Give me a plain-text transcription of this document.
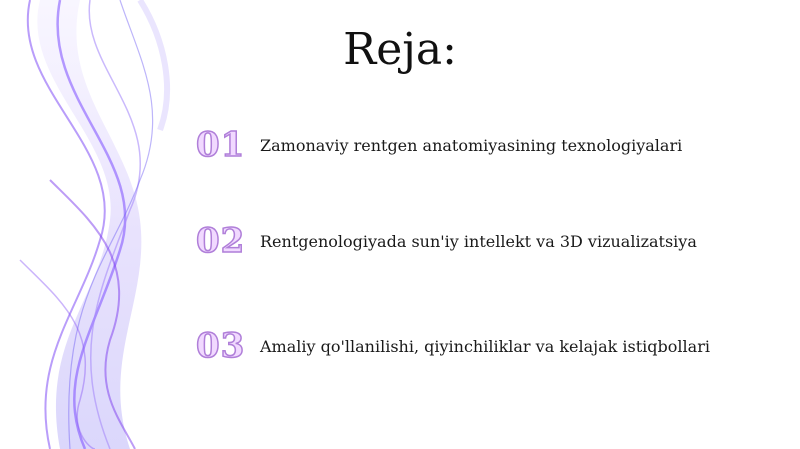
Reja:
01 Zamonaviy rentgen anatomiyasining texnologiyalari
02 Rentgenologiyada sun'iy intellekt va 3D vizualizatsiya
03 Amaliy qo'llanilishi, qiyinchiliklar va kelajak istiqbollari
